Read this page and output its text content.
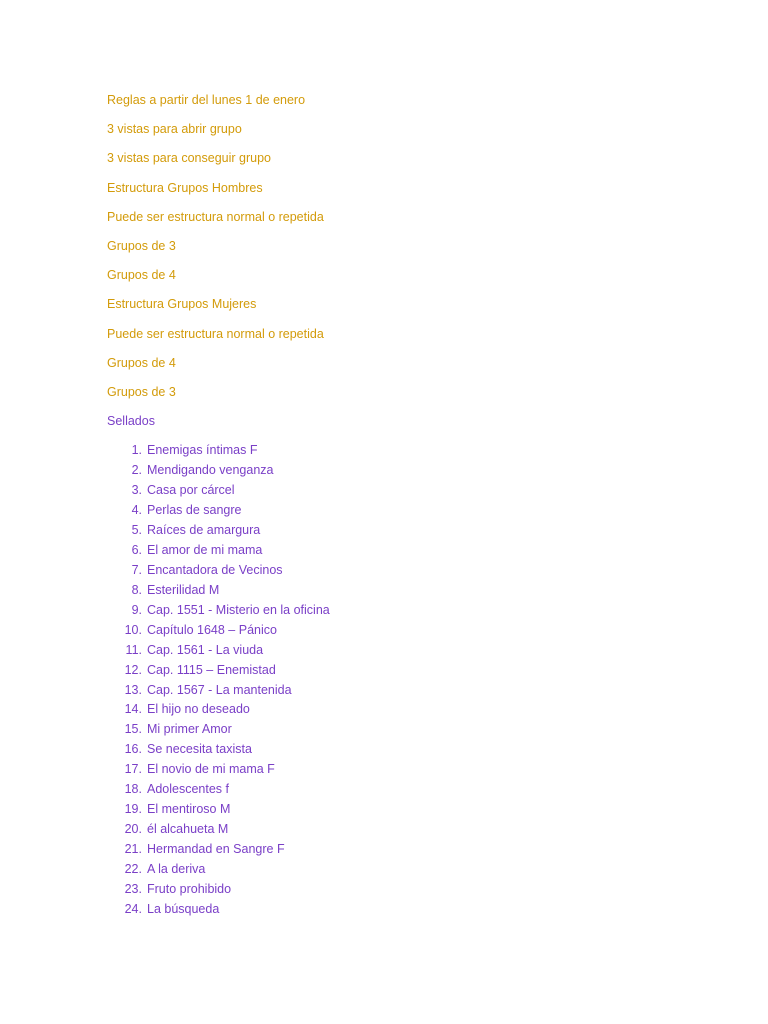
Reglas a partir del lunes 1 de enero
3 vistas para abrir grupo
3 vistas para conseguir grupo
Estructura Grupos Hombres
Puede ser estructura normal o repetida
Grupos de 3
Grupos de 4
Estructura Grupos Mujeres
Puede ser estructura normal o repetida
Grupos de 4
Grupos de 3
Sellados
1. Enemigas íntimas F
2. Mendigando venganza
3. Casa por cárcel
4. Perlas de sangre
5. Raíces de amargura
6. El amor de mi mama
7. Encantadora de Vecinos
8. Esterilidad M
9. Cap. 1551 - Misterio en la oficina
10. Capítulo 1648 – Pánico
11. Cap. 1561 - La viuda
12. Cap. 1115 – Enemistad
13. Cap. 1567 - La mantenida
14. El hijo no deseado
15. Mi primer Amor
16. Se necesita taxista
17. El novio de mi mama F
18. Adolescentes f
19. El mentiroso M
20. él alcahueta M
21. Hermandad en Sangre F
22. A la deriva
23. Fruto prohibido
24. La búsqueda
